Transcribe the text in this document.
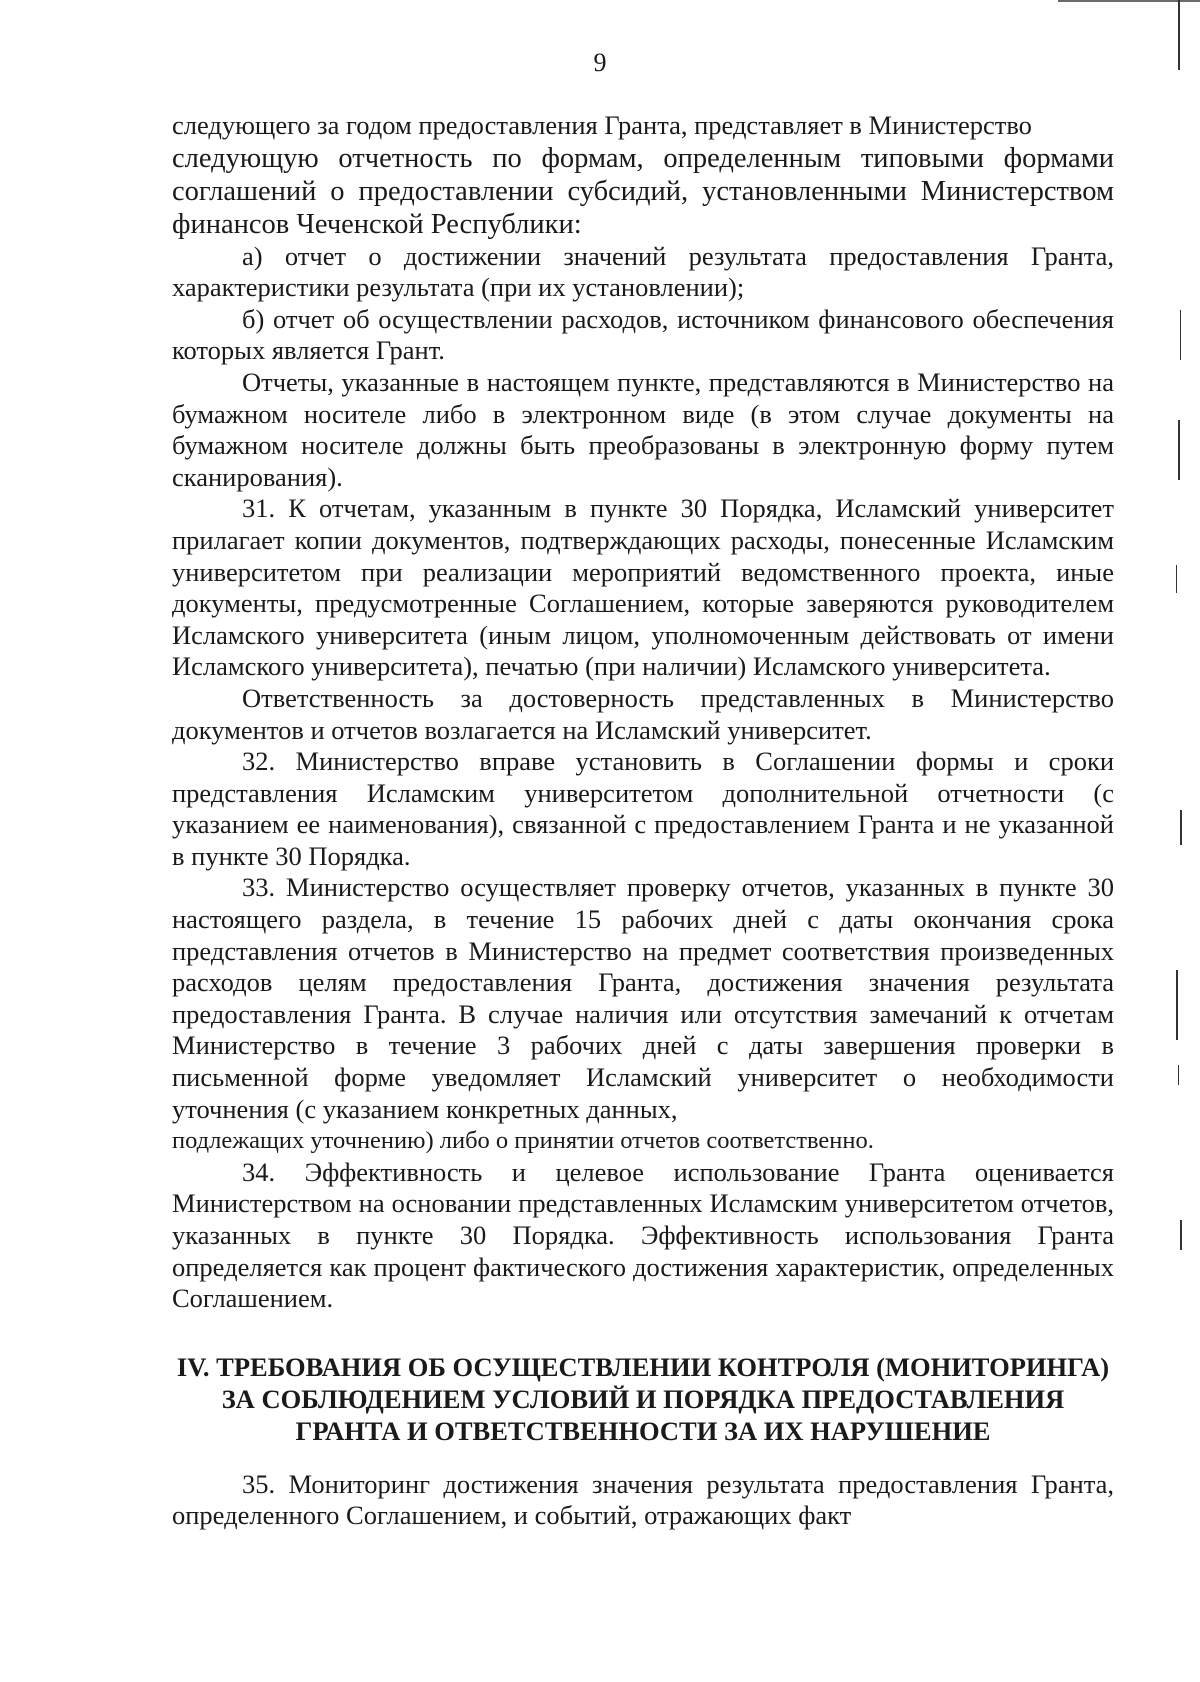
9

следующего за годом предоставления Гранта, представляет в Министерство

следующую отчетность по формам, определенным типовыми формами соглашений о предоставлении субсидий, установленными Министерством финансов Чеченской Республики:

а) отчет о достижении значений результата предоставления Гранта, характеристики результата (при их установлении);

б) отчет об осуществлении расходов, источником финансового обеспечения которых является Грант.

Отчеты, указанные в настоящем пункте, представляются в Министерство на бумажном носителе либо в электронном виде (в этом случае документы на бумажном носителе должны быть преобразованы в электронную форму путем сканирования).

31. К отчетам, указанным в пункте 30 Порядка, Исламский университет прилагает копии документов, подтверждающих расходы, понесенные Исламским университетом при реализации мероприятий ведомственного проекта, иные документы, предусмотренные Соглашением, которые заверяются руководителем Исламского университета (иным лицом, уполномоченным действовать от имени Исламского университета), печатью (при наличии) Исламского университета.

Ответственность за достоверность представленных в Министерство документов и отчетов возлагается на Исламский университет.

32. Министерство вправе установить в Соглашении формы и сроки представления Исламским университетом дополнительной отчетности (с указанием ее наименования), связанной с предоставлением Гранта и не указанной в пункте 30 Порядка.

33. Министерство осуществляет проверку отчетов, указанных в пункте 30 настоящего раздела, в течение 15 рабочих дней с даты окончания срока представления отчетов в Министерство на предмет соответствия произведенных расходов целям предоставления Гранта, достижения значения результата предоставления Гранта. В случае наличия или отсутствия замечаний к отчетам Министерство в течение 3 рабочих дней с даты завершения проверки в письменной форме уведомляет Исламский университет о необходимости уточнения (с указанием конкретных данных,

подлежащих уточнению) либо о принятии отчетов соответственно.

34. Эффективность и целевое использование Гранта оценивается Министерством на основании представленных Исламским университетом отчетов, указанных в пункте 30 Порядка. Эффективность использования Гранта определяется как процент фактического достижения характеристик, определенных Соглашением.

IV. ТРЕБОВАНИЯ ОБ ОСУЩЕСТВЛЕНИИ КОНТРОЛЯ (МОНИТОРИНГА)
ЗА СОБЛЮДЕНИЕМ УСЛОВИЙ И ПОРЯДКА ПРЕДОСТАВЛЕНИЯ
ГРАНТА И ОТВЕТСТВЕННОСТИ ЗА ИХ НАРУШЕНИЕ

35. Мониторинг достижения значения результата предоставления Гранта, определенного Соглашением, и событий, отражающих факт
